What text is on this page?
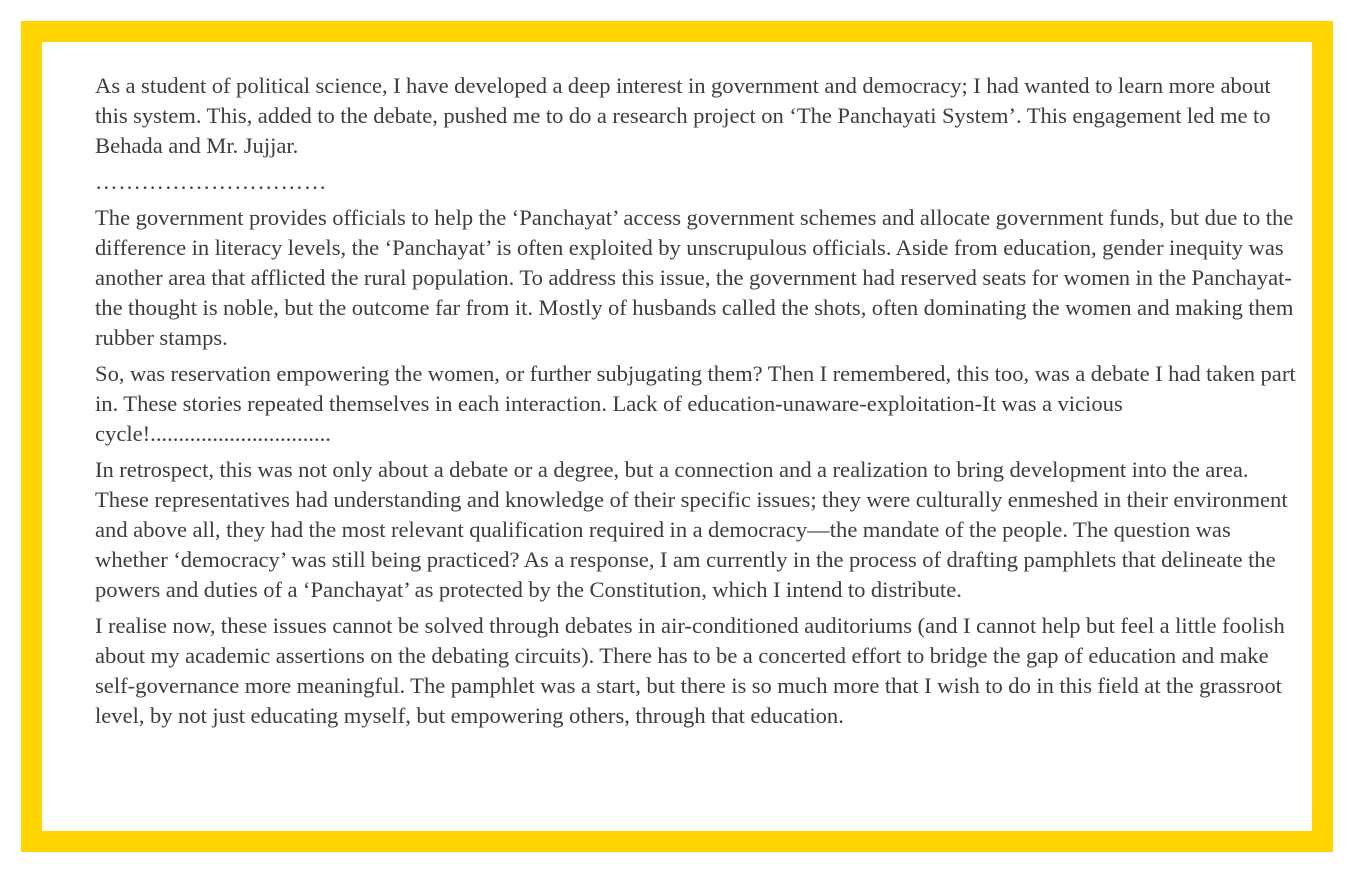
As a student of political science, I have developed a deep interest in government and democracy; I had wanted to learn more about this system. This, added to the debate, pushed me to do a research project on ‘The Panchayati System’. This engagement led me to Behada and Mr. Jujjar.

…………………………

The government provides officials to help the ‘Panchayat’ access government schemes and allocate government funds, but due to the difference in literacy levels, the ‘Panchayat’ is often exploited by unscrupulous officials. Aside from education, gender inequity was another area that afflicted the rural population. To address this issue, the government had reserved seats for women in the Panchayat-the thought is noble, but the outcome far from it. Mostly of husbands called the shots, often dominating the women and making them rubber stamps.

So, was reservation empowering the women, or further subjugating them? Then I remembered, this too, was a debate I had taken part in. These stories repeated themselves in each interaction. Lack of education-unaware-exploitation-It was a vicious cycle!................................

In retrospect, this was not only about a debate or a degree, but a connection and a realization to bring development into the area. These representatives had understanding and knowledge of their specific issues; they were culturally enmeshed in their environment and above all, they had the most relevant qualification required in a democracy—the mandate of the people. The question was whether ‘democracy’ was still being practiced? As a response, I am currently in the process of drafting pamphlets that delineate the powers and duties of a ‘Panchayat’ as protected by the Constitution, which I intend to distribute.

I realise now, these issues cannot be solved through debates in air-conditioned auditoriums (and I cannot help but feel a little foolish about my academic assertions on the debating circuits). There has to be a concerted effort to bridge the gap of education and make self-governance more meaningful. The pamphlet was a start, but there is so much more that I wish to do in this field at the grassroot level, by not just educating myself, but empowering others, through that education.
